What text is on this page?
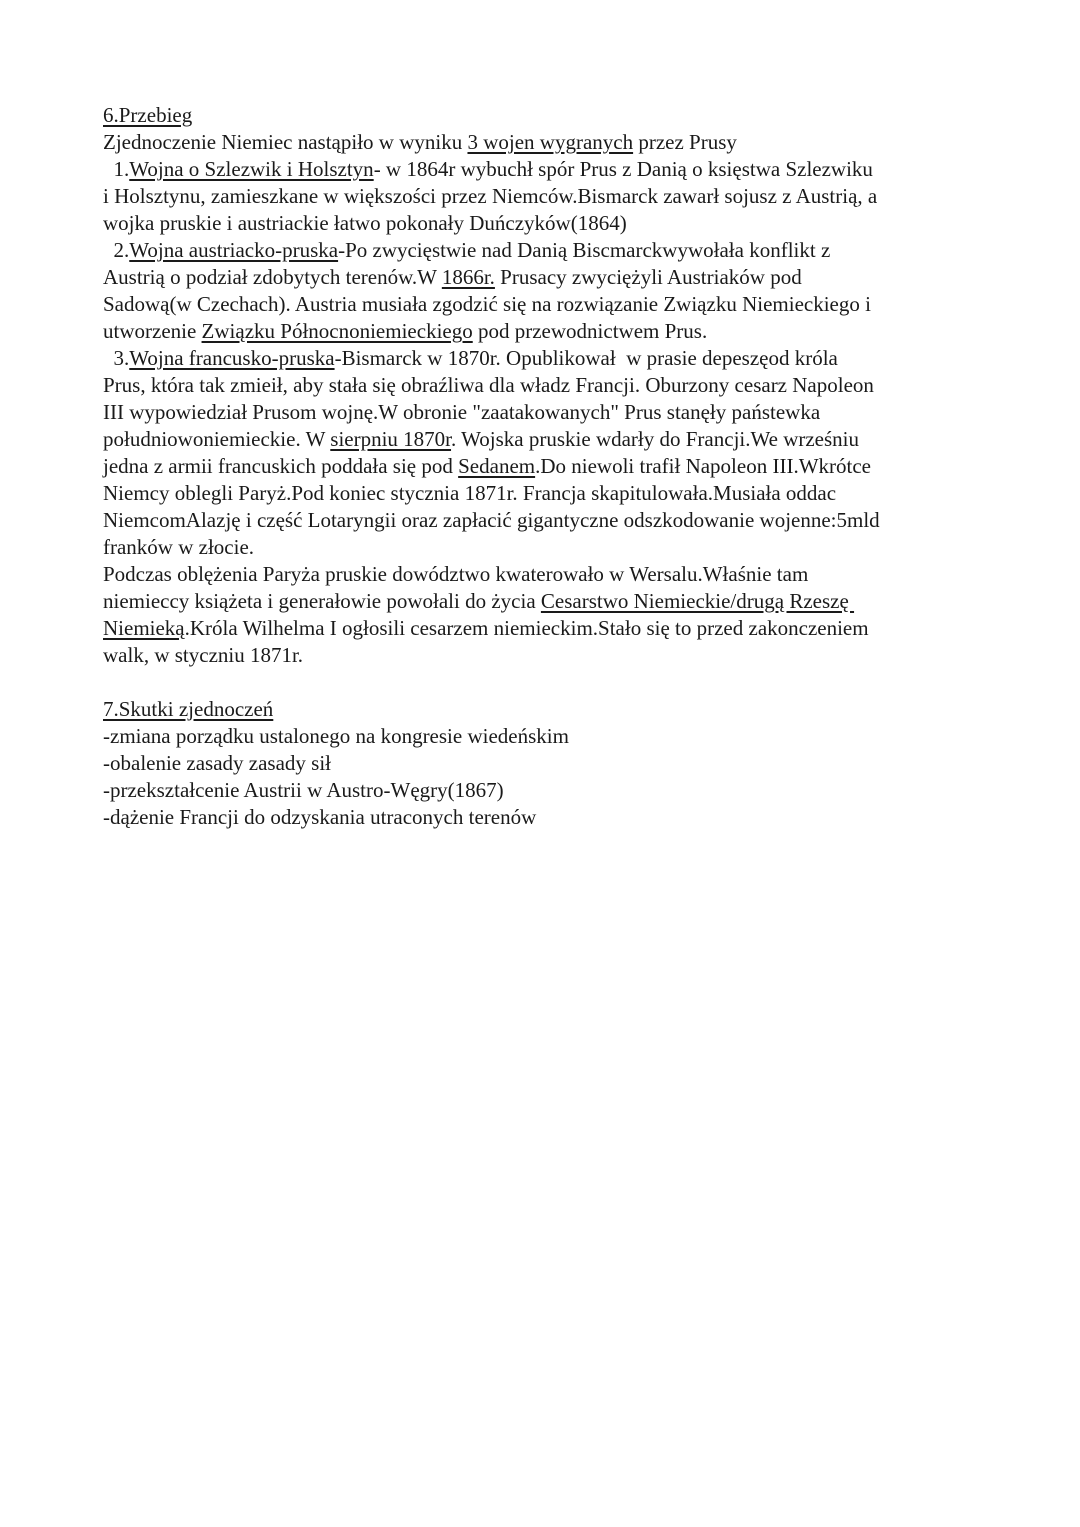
6.Przebieg
Zjednoczenie Niemiec nastąpiło w wyniku 3 wojen wygranych przez Prusy
1.Wojna o Szlezwik i Holsztyn- w 1864r wybuchł spór Prus z Danią o księstwa Szlezwiku
i Holsztynu, zamieszkane w większości przez Niemców.Bismarck zawarł sojusz z Austrią, a
wojka pruskie i austriackie łatwo pokonały Duńczyków(1864)
2.Wojna austriacko-pruska-Po zwycięstwie nad Danią Biscmarckwywołała konflikt z
Austrią o podział zdobytych terenów.W 1866r. Prusacy zwyciężyli Austriaków pod
Sadową(w Czechach). Austria musiała zgodzić się na rozwiązanie Związku Niemieckiego i
utworzenie Związku Północnoniemieckiego pod przewodnictwem Prus.
3.Wojna francusko-pruska-Bismarck w 1870r. Opublikował  w prasie depeszęod króla
Prus, która tak zmieił, aby stała się obraźliwa dla władz Francji. Oburzony cesarz Napoleon
III wypowiedział Prusom wojnę.W obronie "zaatakowanych" Prus stanęły państewka
południowoniemieckie. W sierpniu 1870r. Wojska pruskie wdarły do Francji.We wrześniu
jedna z armii francuskich poddała się pod Sedanem.Do niewoli trafił Napoleon III.Wkrótce
Niemcy oblegli Paryż.Pod koniec stycznia 1871r. Francja skapitulowała.Musiała oddac
NiemcomAlazję i część Lotaryngii oraz zapłacić gigantyczne odszkodowanie wojenne:5mld
franków w złocie.
Podczas oblężenia Paryża pruskie dowództwo kwaterowało w Wersalu.Właśnie tam
niemieccy książeta i generałowie powołali do życia Cesarstwo Niemieckie/drugą Rzeszę
Niemieką.Króla Wilhelma I ogłosili cesarzem niemieckim.Stało się to przed zakonczeniem
walk, w styczniu 1871r.
7.Skutki zjednoczeń
-zmiana porządku ustalonego na kongresie wiedeńskim
-obalenie zasady zasady sił
-przekształcenie Austrii w Austro-Węgry(1867)
-dążenie Francji do odzyskania utraconych terenów
